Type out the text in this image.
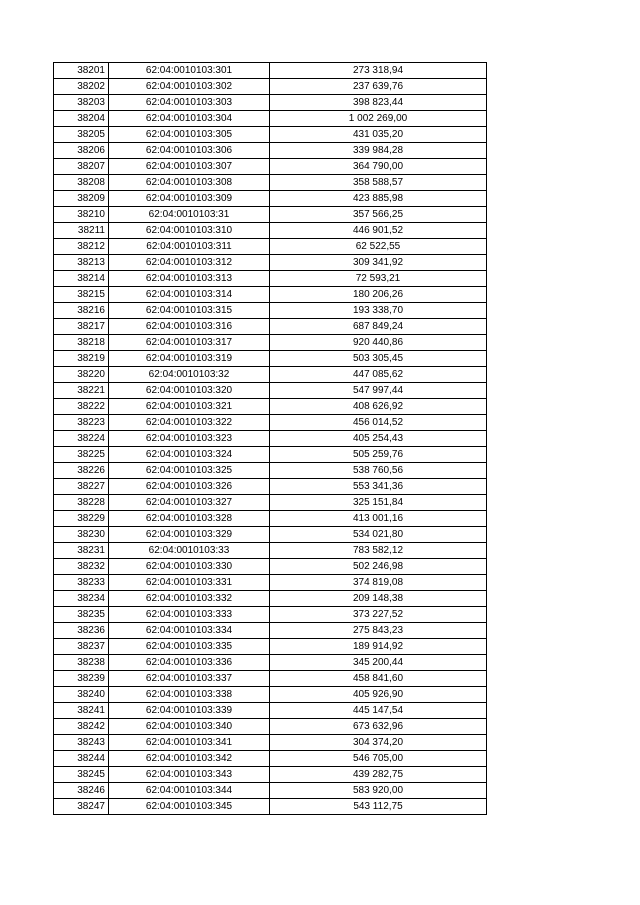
38201	62:04:0010103:301	273 318,94
38202	62:04:0010103:302	237 639,76
38203	62:04:0010103:303	398 823,44
38204	62:04:0010103:304	1 002 269,00
38205	62:04:0010103:305	431 035,20
38206	62:04:0010103:306	339 984,28
38207	62:04:0010103:307	364 790,00
38208	62:04:0010103:308	358 588,57
38209	62:04:0010103:309	423 885,98
38210	62:04:0010103:31	357 566,25
38211	62:04:0010103:310	446 901,52
38212	62:04:0010103:311	62 522,55
38213	62:04:0010103:312	309 341,92
38214	62:04:0010103:313	72 593,21
38215	62:04:0010103:314	180 206,26
38216	62:04:0010103:315	193 338,70
38217	62:04:0010103:316	687 849,24
38218	62:04:0010103:317	920 440,86
38219	62:04:0010103:319	503 305,45
38220	62:04:0010103:32	447 085,62
38221	62:04:0010103:320	547 997,44
38222	62:04:0010103:321	408 626,92
38223	62:04:0010103:322	456 014,52
38224	62:04:0010103:323	405 254,43
38225	62:04:0010103:324	505 259,76
38226	62:04:0010103:325	538 760,56
38227	62:04:0010103:326	553 341,36
38228	62:04:0010103:327	325 151,84
38229	62:04:0010103:328	413 001,16
38230	62:04:0010103:329	534 021,80
38231	62:04:0010103:33	783 582,12
38232	62:04:0010103:330	502 246,98
38233	62:04:0010103:331	374 819,08
38234	62:04:0010103:332	209 148,38
38235	62:04:0010103:333	373 227,52
38236	62:04:0010103:334	275 843,23
38237	62:04:0010103:335	189 914,92
38238	62:04:0010103:336	345 200,44
38239	62:04:0010103:337	458 841,60
38240	62:04:0010103:338	405 926,90
38241	62:04:0010103:339	445 147,54
38242	62:04:0010103:340	673 632,96
38243	62:04:0010103:341	304 374,20
38244	62:04:0010103:342	546 705,00
38245	62:04:0010103:343	439 282,75
38246	62:04:0010103:344	583 920,00
38247	62:04:0010103:345	543 112,75
